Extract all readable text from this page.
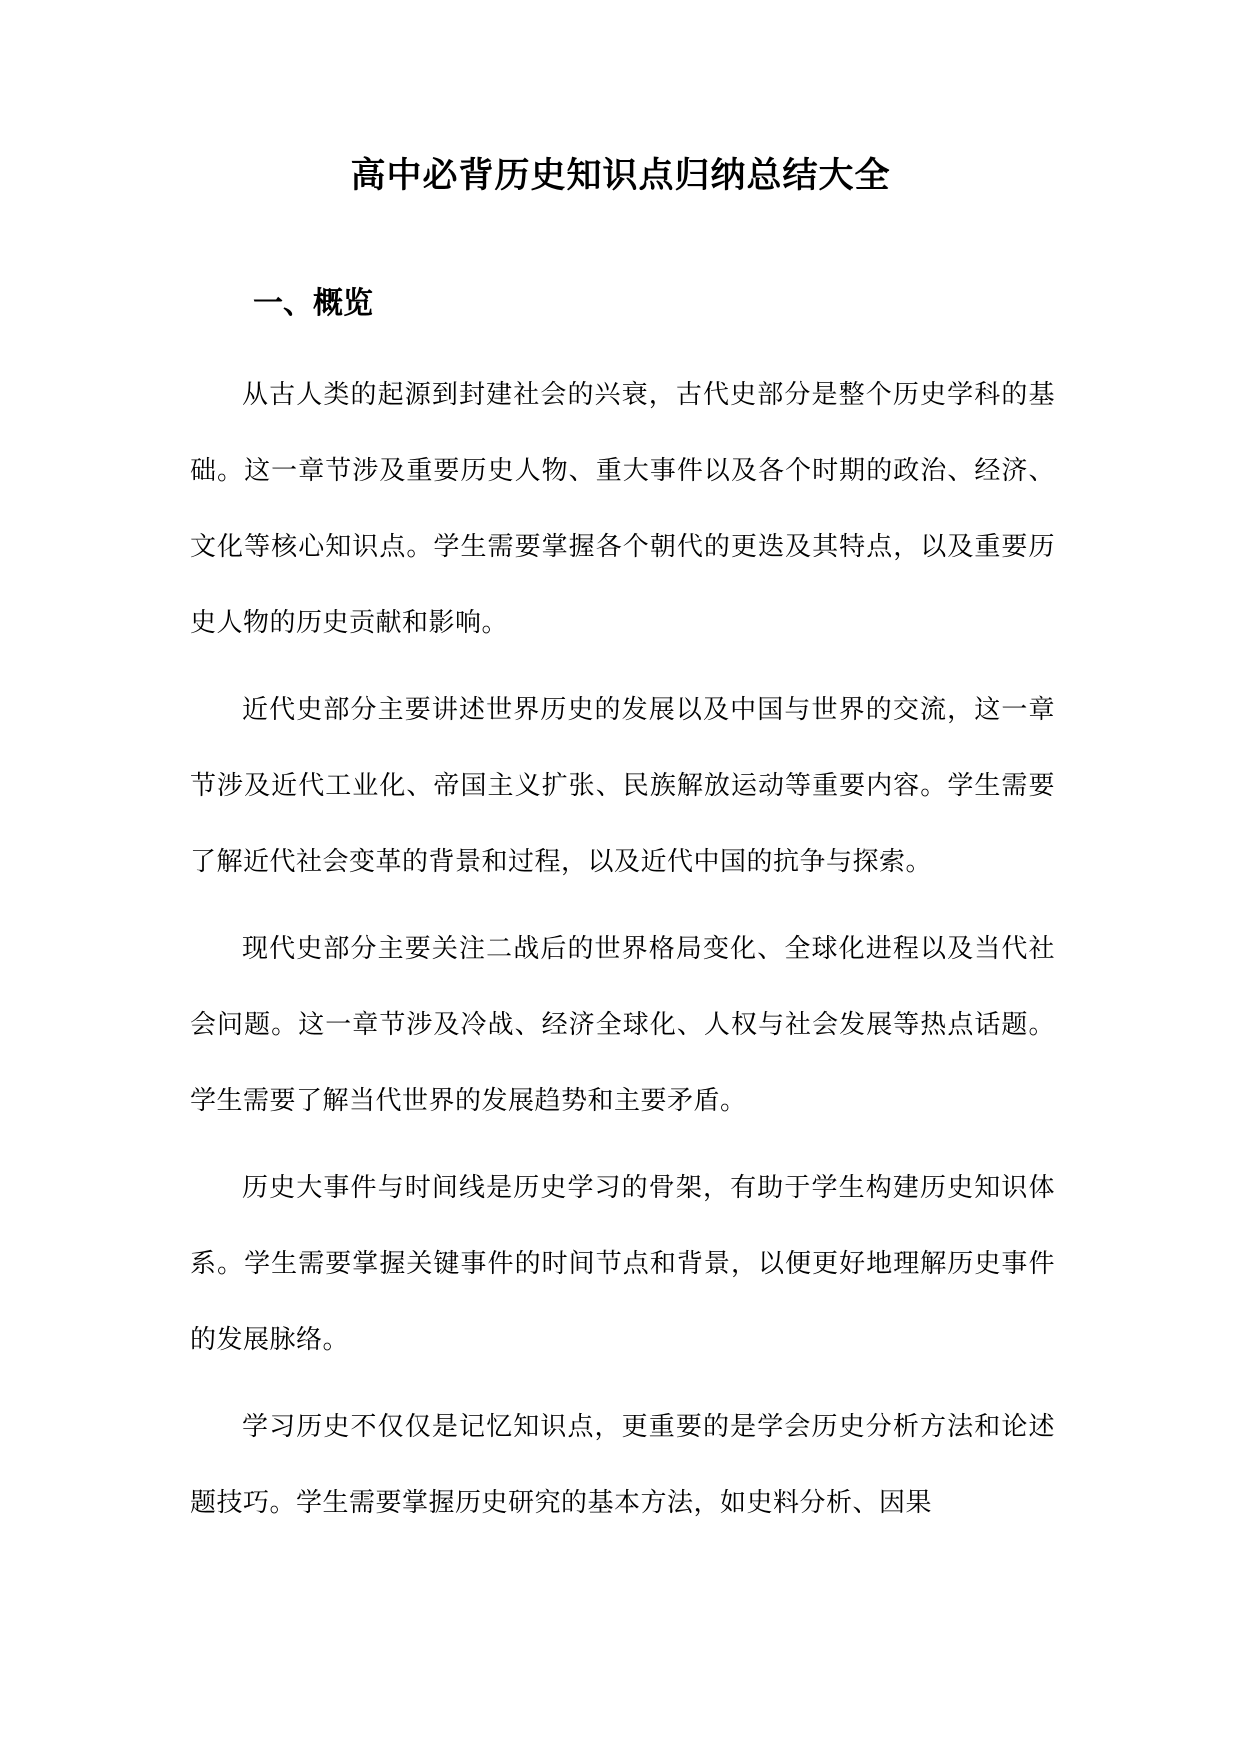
高中必背历史知识点归纳总结大全
一、概览

从古人类的起源到封建社会的兴衰，古代史部分是整个历史学科的基础。这一章节涉及重要历史人物、重大事件以及各个时期的政治、经济、文化等核心知识点。学生需要掌握各个朝代的更迭及其特点，以及重要历史人物的历史贡献和影响。

近代史部分主要讲述世界历史的发展以及中国与世界的交流，这一章节涉及近代工业化、帝国主义扩张、民族解放运动等重要内容。学生需要了解近代社会变革的背景和过程，以及近代中国的抗争与探索。

现代史部分主要关注二战后的世界格局变化、全球化进程以及当代社会问题。这一章节涉及冷战、经济全球化、人权与社会发展等热点话题。学生需要了解当代世界的发展趋势和主要矛盾。

历史大事件与时间线是历史学习的骨架，有助于学生构建历史知识体系。学生需要掌握关键事件的时间节点和背景，以便更好地理解历史事件的发展脉络。

学习历史不仅仅是记忆知识点，更重要的是学会历史分析方法和论述题技巧。学生需要掌握历史研究的基本方法，如史料分析、因果
